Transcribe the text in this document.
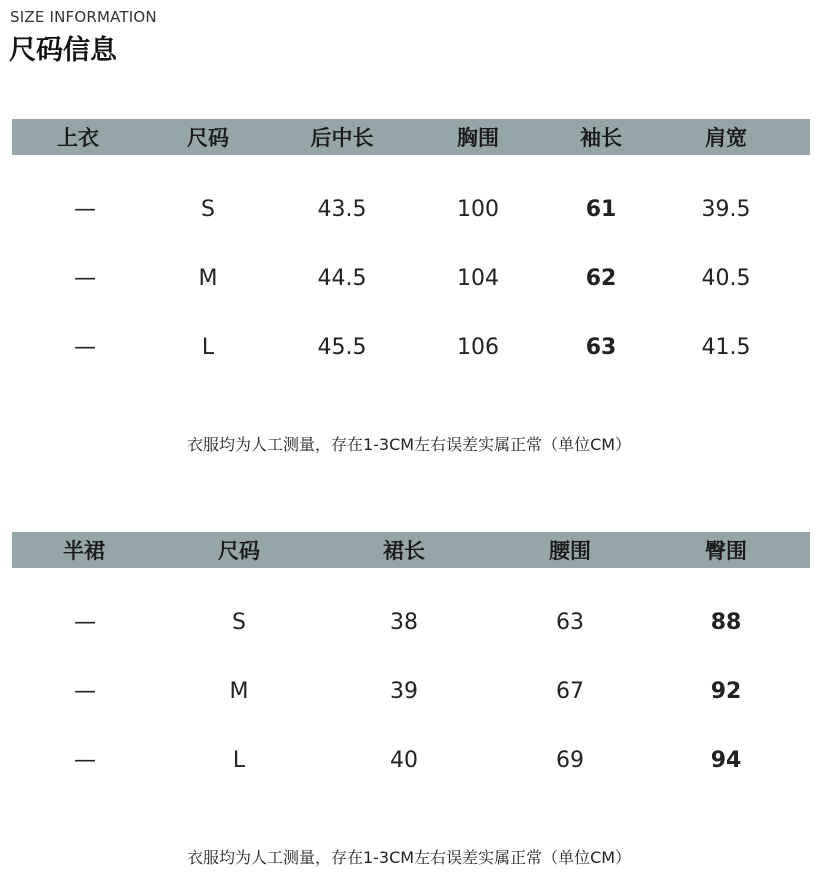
SIZE INFORMATION
尺码信息
上衣	尺码	后中长	胸围	袖长	肩宽
—	S	43.5	100	61	39.5
—	M	44.5	104	62	40.5
—	L	45.5	106	63	41.5
衣服均为人工测量，存在1-3CM左右误差实属正常（单位CM）
半裙	尺码	裙长	腰围	臀围
—	S	38	63	88
—	M	39	67	92
—	L	40	69	94
衣服均为人工测量，存在1-3CM左右误差实属正常（单位CM）
